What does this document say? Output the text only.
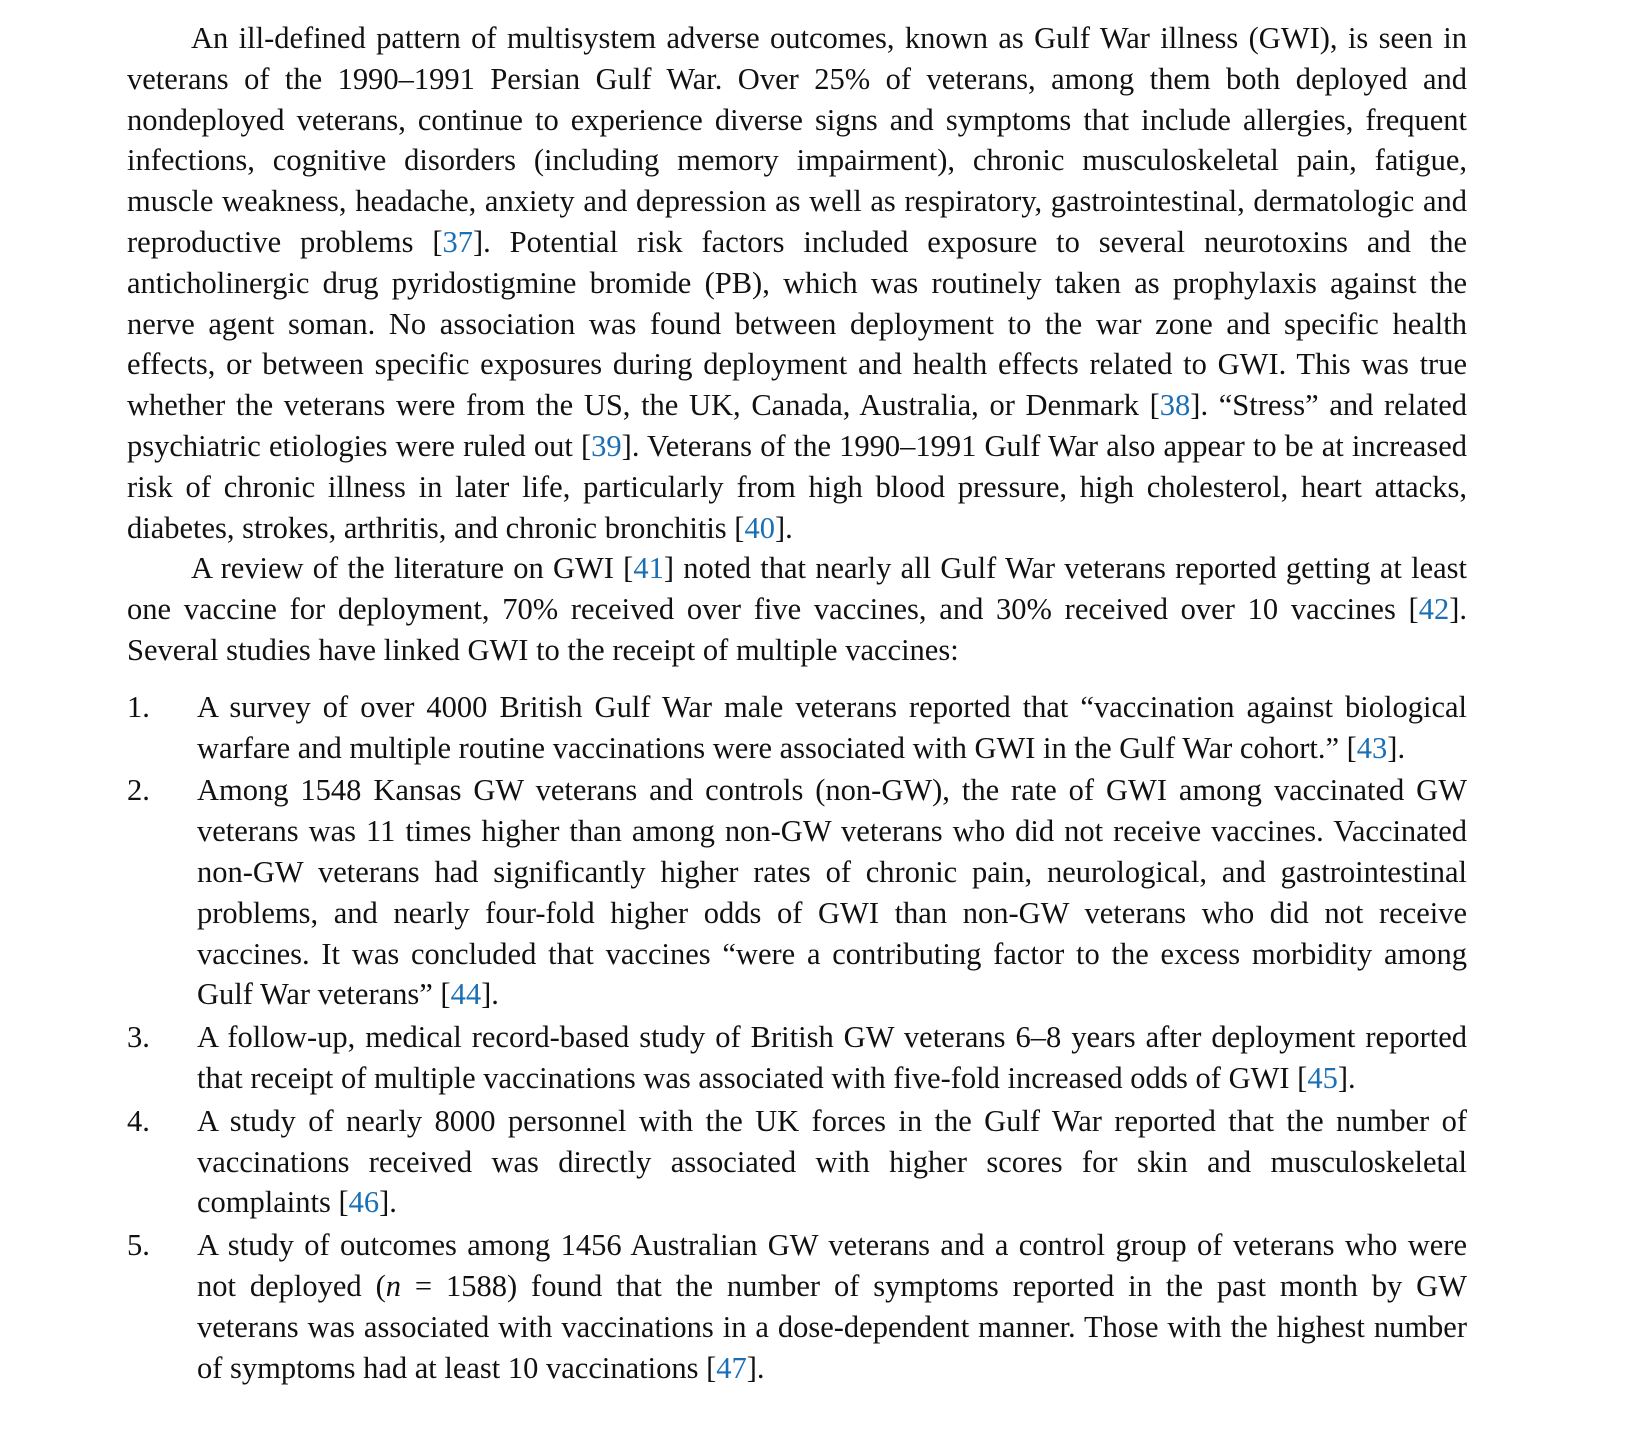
An ill-defined pattern of multisystem adverse outcomes, known as Gulf War illness (GWI), is seen in veterans of the 1990–1991 Persian Gulf War. Over 25% of veterans, among them both deployed and nondeployed veterans, continue to experience diverse signs and symptoms that include allergies, frequent infections, cognitive disorders (including memory impairment), chronic musculoskeletal pain, fatigue, muscle weakness, headache, anxiety and depression as well as respiratory, gastrointestinal, dermatologic and reproductive problems [37]. Potential risk factors included exposure to several neurotoxins and the anticholinergic drug pyridostigmine bromide (PB), which was routinely taken as prophylaxis against the nerve agent soman. No association was found between deployment to the war zone and specific health effects, or between specific exposures during deployment and health effects related to GWI. This was true whether the veterans were from the US, the UK, Canada, Australia, or Denmark [38]. “Stress” and related psychiatric etiologies were ruled out [39]. Veterans of the 1990–1991 Gulf War also appear to be at increased risk of chronic illness in later life, particularly from high blood pressure, high cholesterol, heart attacks, diabetes, strokes, arthritis, and chronic bronchitis [40].

A review of the literature on GWI [41] noted that nearly all Gulf War veterans reported getting at least one vaccine for deployment, 70% received over five vaccines, and 30% received over 10 vaccines [42]. Several studies have linked GWI to the receipt of multiple vaccines:

1. A survey of over 4000 British Gulf War male veterans reported that “vaccination against biological warfare and multiple routine vaccinations were associated with GWI in the Gulf War cohort.” [43].
2. Among 1548 Kansas GW veterans and controls (non-GW), the rate of GWI among vaccinated GW veterans was 11 times higher than among non-GW veterans who did not receive vaccines. Vaccinated non-GW veterans had significantly higher rates of chronic pain, neurological, and gastrointestinal problems, and nearly four-fold higher odds of GWI than non-GW veterans who did not receive vaccines. It was concluded that vaccines “were a contributing factor to the excess morbidity among Gulf War veterans” [44].
3. A follow-up, medical record-based study of British GW veterans 6–8 years after deployment reported that receipt of multiple vaccinations was associated with five-fold increased odds of GWI [45].
4. A study of nearly 8000 personnel with the UK forces in the Gulf War reported that the number of vaccinations received was directly associated with higher scores for skin and musculoskeletal complaints [46].
5. A study of outcomes among 1456 Australian GW veterans and a control group of veterans who were not deployed (n = 1588) found that the number of symptoms reported in the past month by GW veterans was associated with vaccinations in a dose-dependent manner. Those with the highest number of symptoms had at least 10 vaccinations [47].
